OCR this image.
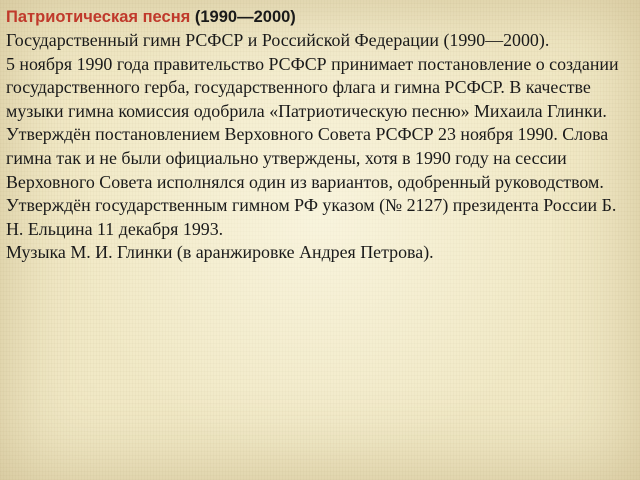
Патриотическая песня (1990—2000)

Государственный гимн РСФСР и Российской Федерации (1990—2000).

5 ноября 1990 года правительство РСФСР принимает постановление о создании государственного герба, государственного флага и гимна РСФСР. В качестве музыки гимна комиссия одобрила «Патриотическую песню» Михаила Глинки.

Утверждён постановлением Верховного Совета РСФСР 23 ноября 1990. Слова гимна так и не были официально утверждены, хотя в 1990 году на сессии Верховного Совета исполнялся один из вариантов, одобренный руководством.

Утверждён государственным гимном РФ указом (№ 2127) президента России Б. Н. Ельцина 11 декабря 1993.

Музыка М. И. Глинки (в аранжировке Андрея Петрова).
